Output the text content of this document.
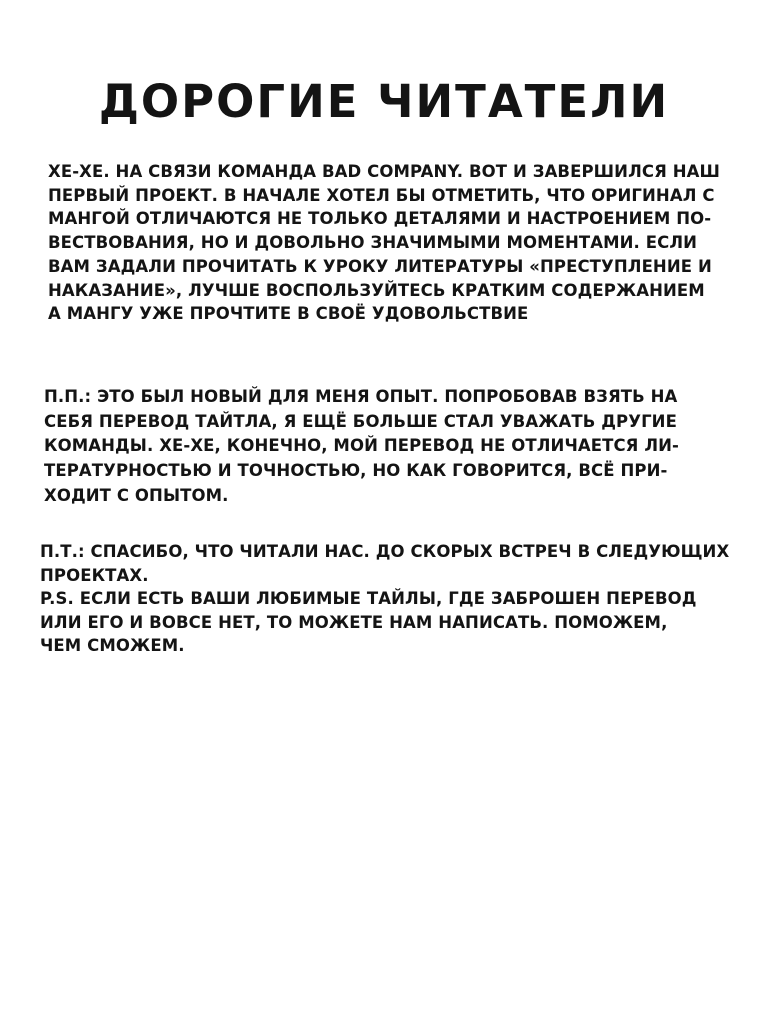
ДОРОГИЕ ЧИТАТЕЛИ
ХЕ-ХЕ. НА СВЯЗИ КОМАНДА BAD COMPANY. ВОТ И ЗАВЕРШИЛСЯ НАШ
ПЕРВЫЙ ПРОЕКТ. В НАЧАЛЕ ХОТЕЛ БЫ ОТМЕТИТЬ, ЧТО ОРИГИНАЛ С
МАНГОЙ ОТЛИЧАЮТСЯ НЕ ТОЛЬКО ДЕТАЛЯМИ И НАСТРОЕНИЕМ ПО-
ВЕСТВОВАНИЯ, НО И ДОВОЛЬНО ЗНАЧИМЫМИ МОМЕНТАМИ. ЕСЛИ
ВАМ ЗАДАЛИ ПРОЧИТАТЬ К УРОКУ ЛИТЕРАТУРЫ «ПРЕСТУПЛЕНИЕ И
НАКАЗАНИЕ», ЛУЧШЕ ВОСПОЛЬЗУЙТЕСЬ КРАТКИМ СОДЕРЖАНИЕМ
А МАНГУ УЖЕ ПРОЧТИТЕ В СВОЁ УДОВОЛЬСТВИЕ
П.П.: ЭТО БЫЛ НОВЫЙ ДЛЯ МЕНЯ ОПЫТ. ПОПРОБОВАВ ВЗЯТЬ НА
СЕБЯ ПЕРЕВОД ТАЙТЛА, Я ЕЩЁ БОЛЬШЕ СТАЛ УВАЖАТЬ ДРУГИЕ
КОМАНДЫ. ХЕ-ХЕ, КОНЕЧНО, МОЙ ПЕРЕВОД НЕ ОТЛИЧАЕТСЯ ЛИ-
ТЕРАТУРНОСТЬЮ И ТОЧНОСТЬЮ, НО КАК ГОВОРИТСЯ, ВСЁ ПРИ-
ХОДИТ С ОПЫТОМ.
П.Т.: СПАСИБО, ЧТО ЧИТАЛИ НАС. ДО СКОРЫХ ВСТРЕЧ В СЛЕДУЮЩИХ
ПРОЕКТАХ.
P.S. ЕСЛИ ЕСТЬ ВАШИ ЛЮБИМЫЕ ТАЙЛЫ, ГДЕ ЗАБРОШЕН ПЕРЕВОД
ИЛИ ЕГО И ВОВСЕ НЕТ, ТО МОЖЕТЕ НАМ НАПИСАТЬ. ПОМОЖЕМ,
ЧЕМ СМОЖЕМ.
